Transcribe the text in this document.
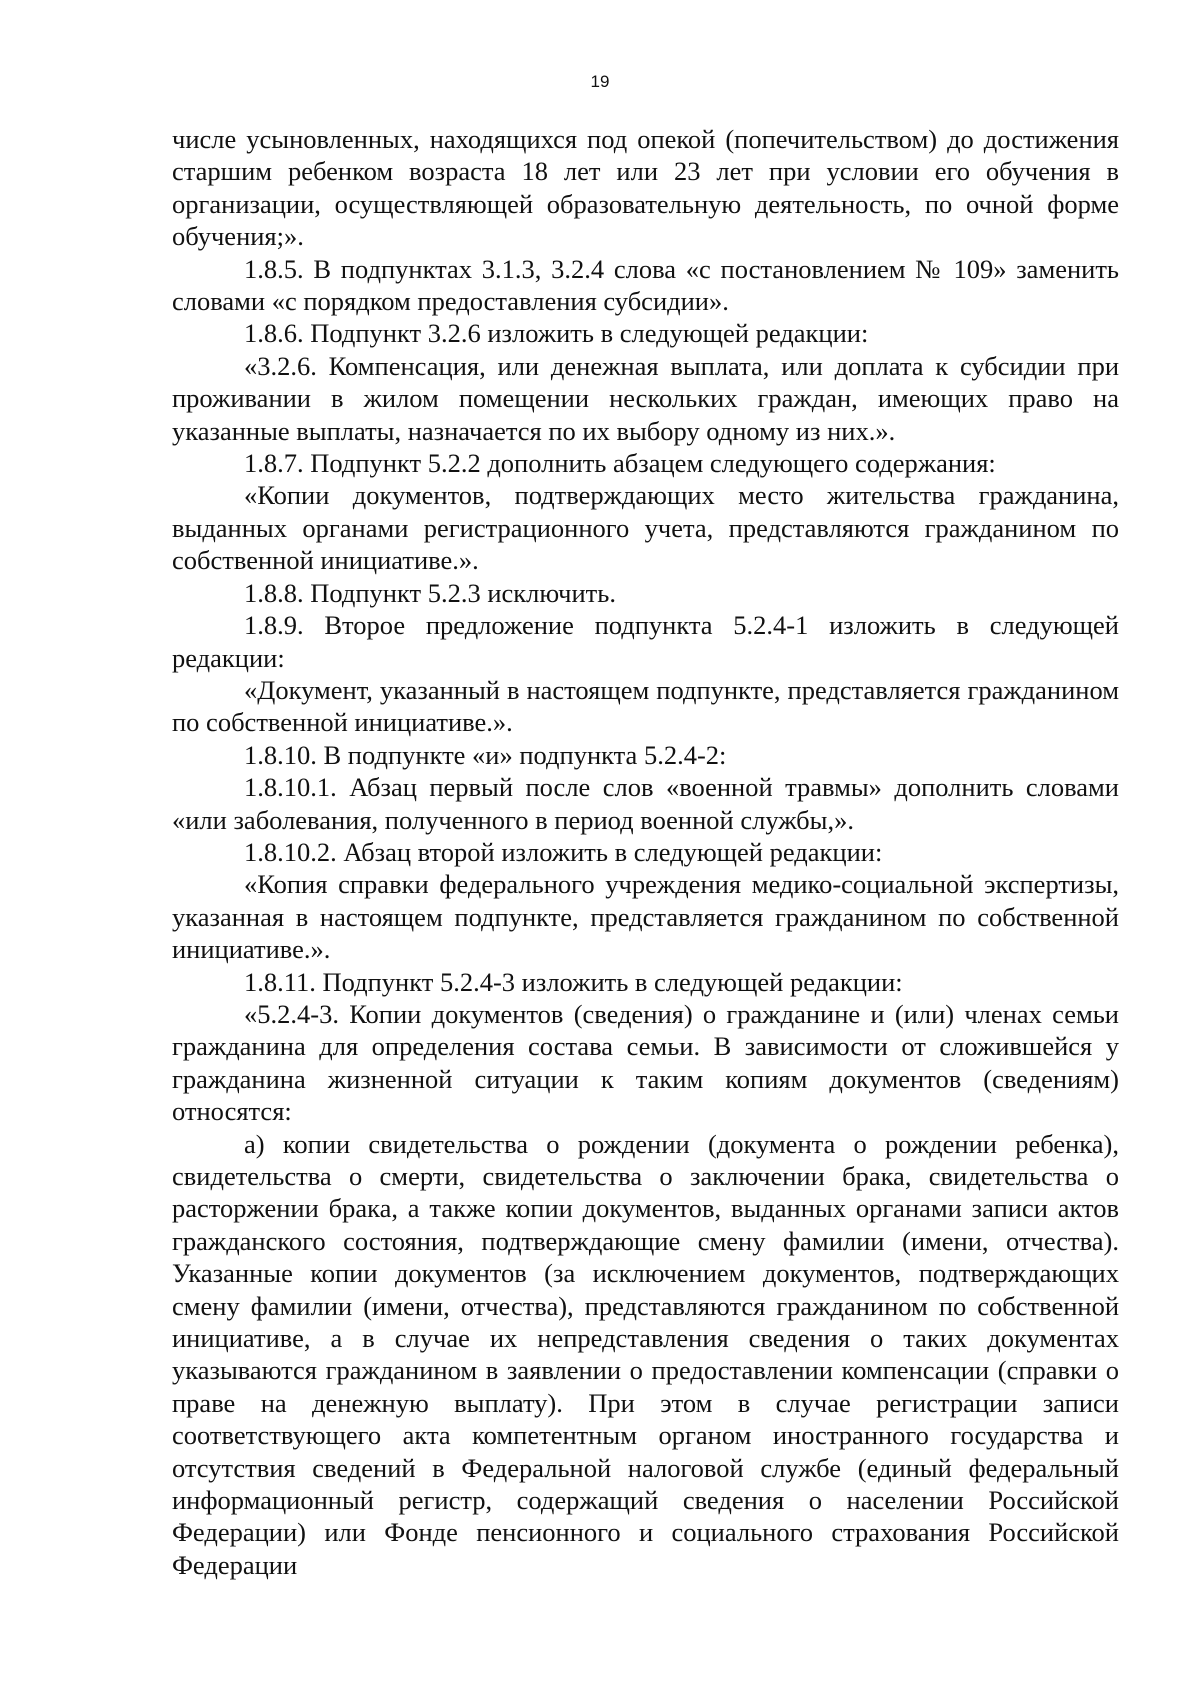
19

числе усыновленных, находящихся под опекой (попечительством) до достижения старшим ребенком возраста 18 лет или 23 лет при условии его обучения в организации, осуществляющей образовательную деятельность, по очной форме обучения;».

1.8.5. В подпунктах 3.1.3, 3.2.4 слова «с постановлением № 109» заменить словами «с порядком предоставления субсидии».

1.8.6. Подпункт 3.2.6 изложить в следующей редакции:

«3.2.6. Компенсация, или денежная выплата, или доплата к субсидии при проживании в жилом помещении нескольких граждан, имеющих право на указанные выплаты, назначается по их выбору одному из них.».

1.8.7. Подпункт 5.2.2 дополнить абзацем следующего содержания:

«Копии документов, подтверждающих место жительства гражданина, выданных органами регистрационного учета, представляются гражданином по собственной инициативе.».

1.8.8. Подпункт 5.2.3 исключить.

1.8.9. Второе предложение подпункта 5.2.4-1 изложить в следующей редакции:

«Документ, указанный в настоящем подпункте, представляется гражданином по собственной инициативе.».

1.8.10. В подпункте «и» подпункта 5.2.4-2:

1.8.10.1. Абзац первый после слов «военной травмы» дополнить словами «или заболевания, полученного в период военной службы,».

1.8.10.2. Абзац второй изложить в следующей редакции:

«Копия справки федерального учреждения медико-социальной экспертизы, указанная в настоящем подпункте, представляется гражданином по собственной инициативе.».

1.8.11. Подпункт 5.2.4-3 изложить в следующей редакции:

«5.2.4-3. Копии документов (сведения) о гражданине и (или) членах семьи гражданина для определения состава семьи. В зависимости от сложившейся у гражданина жизненной ситуации к таким копиям документов (сведениям) относятся:

а) копии свидетельства о рождении (документа о рождении ребенка), свидетельства о смерти, свидетельства о заключении брака, свидетельства о расторжении брака, а также копии документов, выданных органами записи актов гражданского состояния, подтверждающие смену фамилии (имени, отчества). Указанные копии документов (за исключением документов, подтверждающих смену фамилии (имени, отчества), представляются гражданином по собственной инициативе, а в случае их непредставления сведения о таких документах указываются гражданином в заявлении о предоставлении компенсации (справки о праве на денежную выплату). При этом в случае регистрации записи соответствующего акта компетентным органом иностранного государства и отсутствия сведений в Федеральной налоговой службе (единый федеральный информационный регистр, содержащий сведения о населении Российской Федерации) или Фонде пенсионного и социального страхования Российской Федерации
